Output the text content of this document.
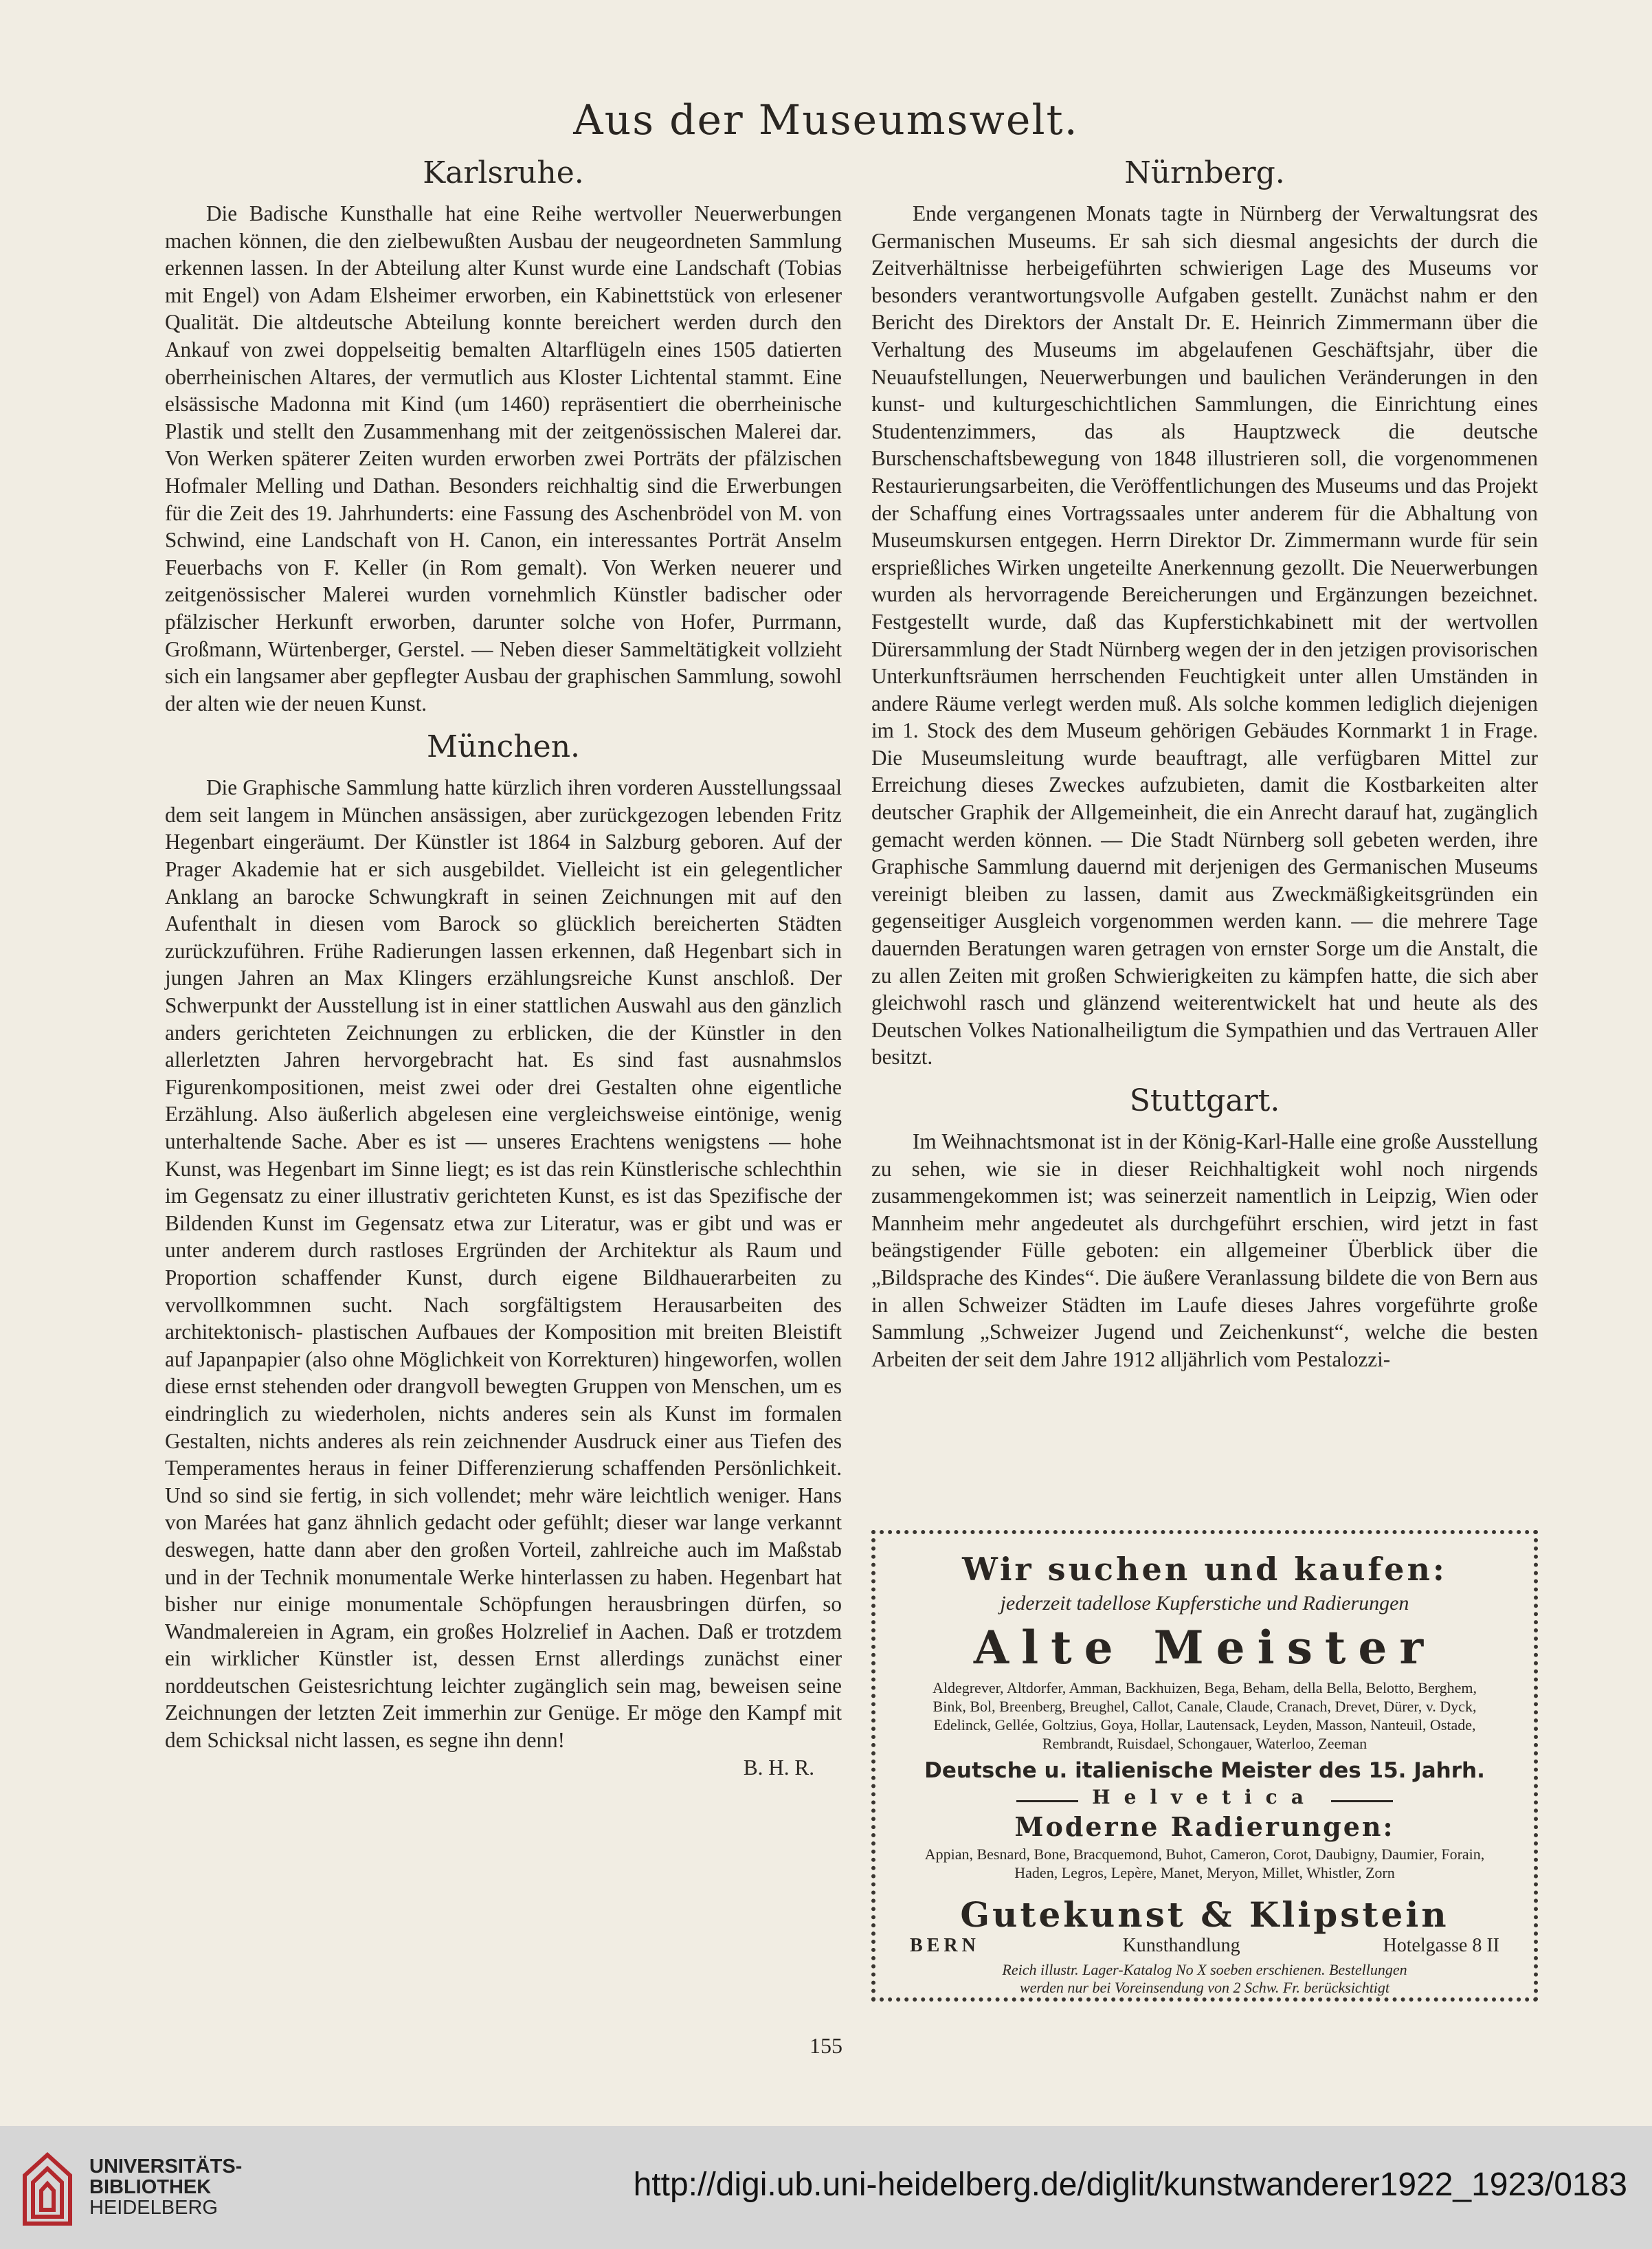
Aus der Museumswelt.
Karlsruhe.

Die Badische Kunsthalle hat eine Reihe wertvoller Neuerwerbungen machen können, die den zielbewußten Ausbau der neugeordneten Sammlung erkennen lassen. In der Abteilung alter Kunst wurde eine Landschaft (Tobias mit Engel) von Adam Elsheimer erworben, ein Kabinettstück von erlesener Qualität. Die altdeutsche Abteilung konnte bereichert werden durch den Ankauf von zwei doppelseitig bemalten Altarflügeln eines 1505 datierten oberrheinischen Altares, der vermutlich aus Kloster Lichtental stammt. Eine elsässische Madonna mit Kind (um 1460) repräsentiert die oberrheinische Plastik und stellt den Zusammenhang mit der zeitgenössischen Malerei dar. Von Werken späterer Zeiten wurden erworben zwei Porträts der pfälzischen Hofmaler Melling und Dathan. Besonders reichhaltig sind die Erwerbungen für die Zeit des 19. Jahrhunderts: eine Fassung des Aschenbrödel von M. von Schwind, eine Landschaft von H. Canon, ein interessantes Porträt Anselm Feuerbachs von F. Keller (in Rom gemalt). Von Werken neuerer und zeitgenössischer Malerei wurden vornehmlich Künstler badischer oder pfälzischer Herkunft erworben, darunter solche von Hofer, Purrmann, Großmann, Würtenberger, Gerstel. — Neben dieser Sammeltätigkeit vollzieht sich ein langsamer aber gepflegter Ausbau der graphischen Sammlung, sowohl der alten wie der neuen Kunst.

München.

Die Graphische Sammlung hatte kürzlich ihren vorderen Ausstellungssaal dem seit langem in München ansässigen, aber zurückgezogen lebenden Fritz Hegenbart eingeräumt. Der Künstler ist 1864 in Salzburg geboren. Auf der Prager Akademie hat er sich ausgebildet. Vielleicht ist ein gelegentlicher Anklang an barocke Schwungkraft in seinen Zeichnungen mit auf den Aufenthalt in diesen vom Barock so glücklich bereicherten Städten zurückzuführen. Frühe Radierungen lassen erkennen, daß Hegenbart sich in jungen Jahren an Max Klingers erzählungsreiche Kunst anschloß. Der Schwerpunkt der Ausstellung ist in einer stattlichen Auswahl aus den gänzlich anders gerichteten Zeichnungen zu erblicken, die der Künstler in den allerletzten Jahren hervorgebracht hat. Es sind fast ausnahmslos Figurenkompositionen, meist zwei oder drei Gestalten ohne eigentliche Erzählung. Also äußerlich abgelesen eine vergleichsweise eintönige, wenig unterhaltende Sache. Aber es ist — unseres Erachtens wenigstens — hohe Kunst, was Hegenbart im Sinne liegt; es ist das rein Künstlerische schlechthin im Gegensatz zu einer illustrativ gerichteten Kunst, es ist das Spezifische der Bildenden Kunst im Gegensatz etwa zur Literatur, was er gibt und was er unter anderem durch rastloses Ergründen der Architektur als Raum und Proportion schaffender Kunst, durch eigene Bildhauerarbeiten zu vervollkommnen sucht. Nach sorgfältigstem Herausarbeiten des architektonisch- plastischen Aufbaues der Komposition mit breiten Bleistift auf Japanpapier (also ohne Möglichkeit von Korrekturen) hingeworfen, wollen diese ernst stehenden oder drangvoll bewegten Gruppen von Menschen, um es eindringlich zu wiederholen, nichts anderes sein als Kunst im formalen Gestalten, nichts anderes als rein zeichnender Ausdruck einer aus Tiefen des Temperamentes heraus in feiner Differenzierung schaffenden Persönlichkeit. Und so sind sie fertig, in sich vollendet; mehr wäre leichtlich weniger. Hans von Marées hat ganz ähnlich gedacht oder gefühlt; dieser war lange verkannt deswegen, hatte dann aber den großen Vorteil, zahlreiche auch im Maßstab und in der Technik monumentale Werke hinterlassen zu haben. Hegenbart hat bisher nur einige monumentale Schöpfungen herausbringen dürfen, so Wandmalereien in Agram, ein großes Holzrelief in Aachen. Daß er trotzdem ein wirklicher Künstler ist, dessen Ernst allerdings zunächst einer norddeutschen Geistesrichtung leichter zugänglich sein mag, beweisen seine Zeichnungen der letzten Zeit immerhin zur Genüge. Er möge den Kampf mit dem Schicksal nicht lassen, es segne ihn denn!

B. H. R.

Nürnberg.

Ende vergangenen Monats tagte in Nürnberg der Verwaltungsrat des Germanischen Museums. Er sah sich diesmal angesichts der durch die Zeitverhältnisse herbeigeführten schwierigen Lage des Museums vor besonders verantwortungsvolle Aufgaben gestellt. Zunächst nahm er den Bericht des Direktors der Anstalt Dr. E. Heinrich Zimmermann über die Verhaltung des Museums im abgelaufenen Geschäftsjahr, über die Neuaufstellungen, Neuerwerbungen und baulichen Veränderungen in den kunst- und kulturgeschichtlichen Sammlungen, die Einrichtung eines Studentenzimmers, das als Hauptzweck die deutsche Burschenschaftsbewegung von 1848 illustrieren soll, die vorgenommenen Restaurierungsarbeiten, die Veröffentlichungen des Museums und das Projekt der Schaffung eines Vortragssaales unter anderem für die Abhaltung von Museumskursen entgegen. Herrn Direktor Dr. Zimmermann wurde für sein ersprießliches Wirken ungeteilte Anerkennung gezollt. Die Neuerwerbungen wurden als hervorragende Bereicherungen und Ergänzungen bezeichnet. Festgestellt wurde, daß das Kupferstichkabinett mit der wertvollen Dürersammlung der Stadt Nürnberg wegen der in den jetzigen provisorischen Unterkunftsräumen herrschenden Feuchtigkeit unter allen Umständen in andere Räume verlegt werden muß. Als solche kommen lediglich diejenigen im 1. Stock des dem Museum gehörigen Gebäudes Kornmarkt 1 in Frage. Die Museumsleitung wurde beauftragt, alle verfügbaren Mittel zur Erreichung dieses Zweckes aufzubieten, damit die Kostbarkeiten alter deutscher Graphik der Allgemeinheit, die ein Anrecht darauf hat, zugänglich gemacht werden können. — Die Stadt Nürnberg soll gebeten werden, ihre Graphische Sammlung dauernd mit derjenigen des Germanischen Museums vereinigt bleiben zu lassen, damit aus Zweckmäßigkeitsgründen ein gegenseitiger Ausgleich vorgenommen werden kann. — die mehrere Tage dauernden Beratungen waren getragen von ernster Sorge um die Anstalt, die zu allen Zeiten mit großen Schwierigkeiten zu kämpfen hatte, die sich aber gleichwohl rasch und glänzend weiterentwickelt hat und heute als des Deutschen Volkes Nationalheiligtum die Sympathien und das Vertrauen Aller besitzt.

Stuttgart.

Im Weihnachtsmonat ist in der König-Karl-Halle eine große Ausstellung zu sehen, wie sie in dieser Reichhaltigkeit wohl noch nirgends zusammengekommen ist; was seinerzeit namentlich in Leipzig, Wien oder Mannheim mehr angedeutet als durchgeführt erschien, wird jetzt in fast beängstigender Fülle geboten: ein allgemeiner Überblick über die „Bildsprache des Kindes“. Die äußere Veranlassung bildete die von Bern aus in allen Schweizer Städten im Laufe dieses Jahres vorgeführte große Sammlung „Schweizer Jugend und Zeichenkunst“, welche die besten Arbeiten der seit dem Jahre 1912 alljährlich vom Pestalozzi-

Wir suchen und kaufen:
jederzeit tadellose Kupferstiche und Radierungen
Alte Meister
Aldegrever, Altdorfer, Amman, Backhuizen, Bega, Beham, della Bella, Belotto, Berghem, Bink, Bol, Breenberg, Breughel, Callot, Canale, Claude, Cranach, Drevet, Dürer, v. Dyck, Edelinck, Gellée, Goltzius, Goya, Hollar, Lautensack, Leyden, Masson, Nanteuil, Ostade, Rembrandt, Ruisdael, Schongauer, Waterloo, Zeeman
Deutsche u. italienische Meister des 15. Jahrh.
Helvetica
Moderne Radierungen:
Appian, Besnard, Bone, Bracquemond, Buhot, Cameron, Corot, Daubigny, Daumier, Forain, Haden, Legros, Lepère, Manet, Meryon, Millet, Whistler, Zorn
Gutekunst & Klipstein
BERN	Kunsthandlung	Hotelgasse 8 II
Reich illustr. Lager-Katalog No X soeben erschienen. Bestellungen
werden nur bei Voreinsendung von 2 Schw. Fr. berücksichtigt
155
UNIVERSITÄTS-
BIBLIOTHEK
HEIDELBERG
http://digi.ub.uni-heidelberg.de/diglit/kunstwanderer1922_1923/0183
